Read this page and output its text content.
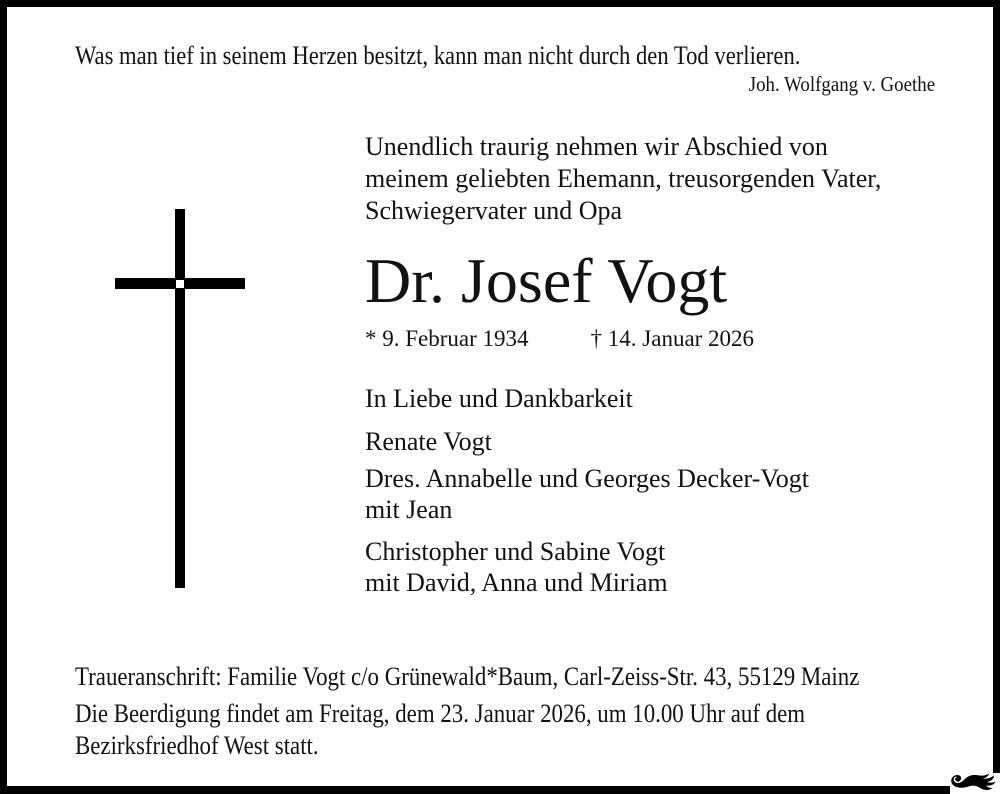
Was man tief in seinem Herzen besitzt, kann man nicht durch den Tod verlieren.
Joh. Wolfgang v. Goethe
Unendlich traurig nehmen wir Abschied von
meinem geliebten Ehemann, treusorgenden Vater,
Schwiegervater und Opa
Dr. Josef Vogt
* 9. Februar 1934	† 14. Januar 2026
In Liebe und Dankbarkeit
Renate Vogt
Dres. Annabelle und Georges Decker-Vogt
mit Jean
Christopher und Sabine Vogt
mit David, Anna und Miriam
Traueranschrift: Familie Vogt c/o Grünewald*Baum, Carl-Zeiss-Str. 43, 55129 Mainz
Die Beerdigung findet am Freitag, dem 23. Januar 2026, um 10.00 Uhr auf dem
Bezirksfriedhof West statt.
